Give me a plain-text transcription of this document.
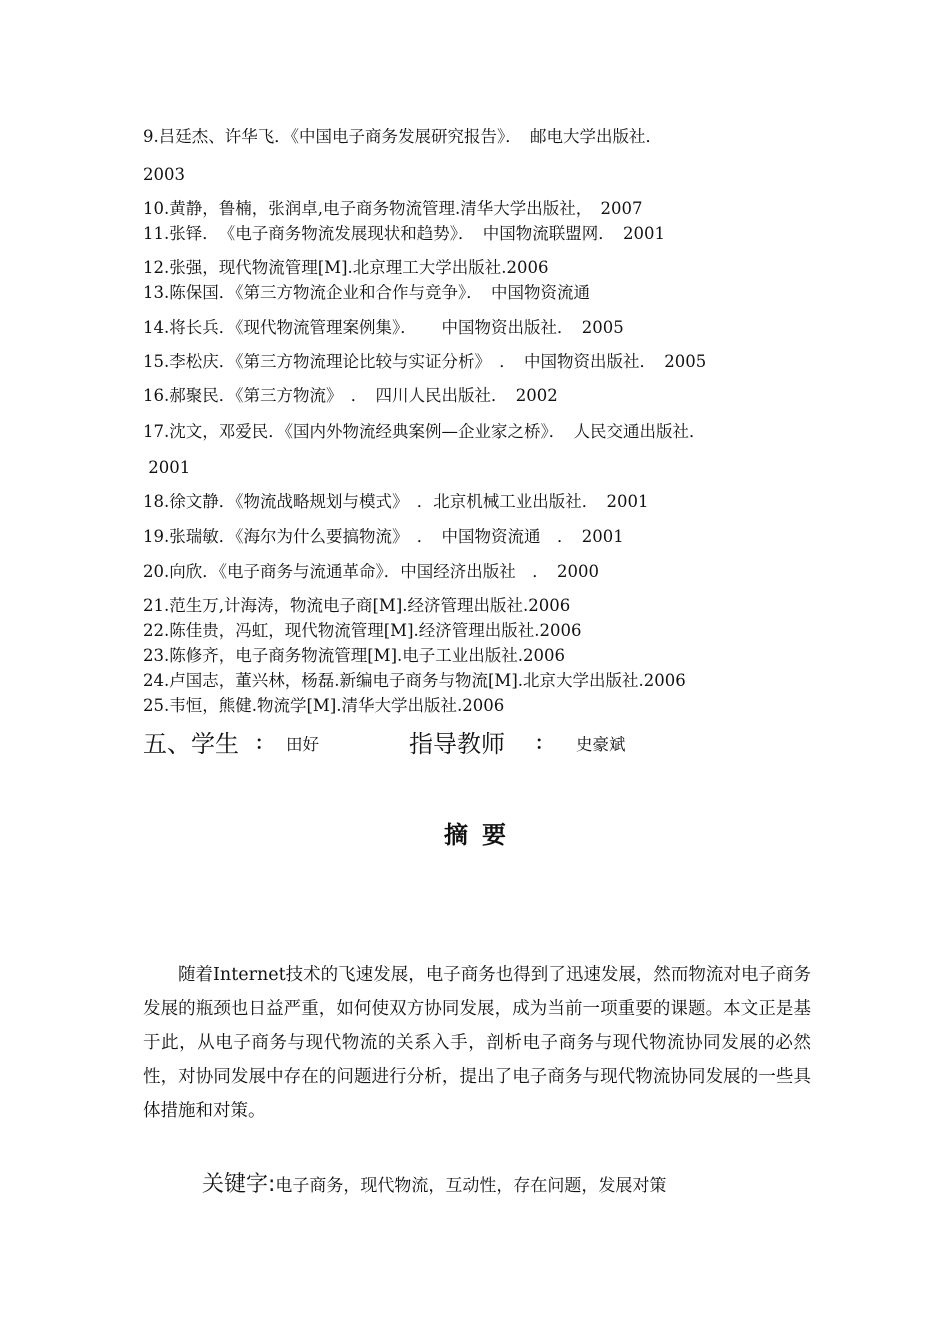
9.吕廷杰、许华飞．《中国电子商务发展研究报告》．　邮电大学出版社．

2003

10.黄静，鲁楠，张润卓,电子商务物流管理.清华大学出版社，　2007

11.张铎．　《电子商务物流发展现状和趋势》．　中国物流联盟网．　2001

12.张强，现代物流管理[M].北京理工大学出版社.2006

13.陈保国．《第三方物流企业和合作与竞争》．　中国物资流通

14.将长兵．《现代物流管理案例集》．　　中国物资出版社．　2005

15.李松庆．《第三方物流理论比较与实证分析》　．　中国物资出版社．　2005

16.郝聚民．《第三方物流》　．　四川人民出版社．　2002

17.沈文，邓爱民．《国内外物流经典案例—企业家之桥》．　人民交通出版社．

2001

18.徐文静．《物流战略规划与模式》　．北京机械工业出版社．　2001

19.张瑞敏．《海尔为什么要搞物流》　．　中国物资流通　．　2001

20.向欣．《电子商务与流通革命》．中国经济出版社　．　2000

21.范生万,计海涛，物流电子商[M].经济管理出版社.2006

22.陈佳贵，冯虹，现代物流管理[M].经济管理出版社.2006

23.陈修齐，电子商务物流管理[M].电子工业出版社.2006

24.卢国志，董兴林，杨磊.新编电子商务与物流[M].北京大学出版社.2006

25.韦恒，熊健.物流学[M].清华大学出版社.2006

五、学生 ： 田好	指导教师 ： 史豪斌
摘要

随着Internet技术的飞速发展，电子商务也得到了迅速发展，然而物流对电子商务发展的瓶颈也日益严重，如何使双方协同发展，成为当前一项重要的课题。本文正是基于此，从电子商务与现代物流的关系入手，剖析电子商务与现代物流协同发展的必然性，对协同发展中存在的问题进行分析，提出了电子商务与现代物流协同发展的一些具体措施和对策。

关键字:电子商务，现代物流，互动性，存在问题，发展对策
